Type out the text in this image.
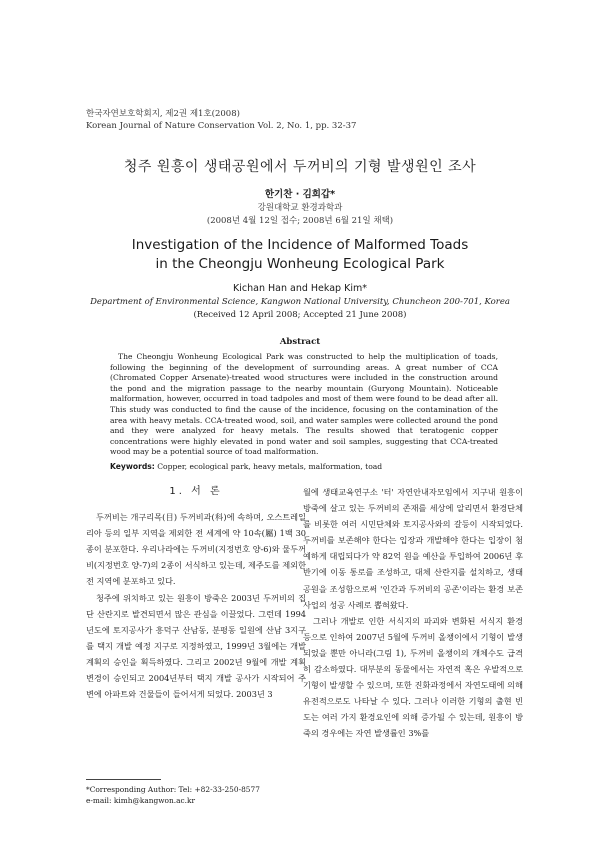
한국자연보호학회지, 제2권 제1호(2008)
Korean Journal of Nature Conservation Vol. 2, No. 1, pp. 32-37
청주 원흥이 생태공원에서 두꺼비의 기형 발생원인 조사
한기찬 · 김희갑*
강원대학교 환경과학과
(2008년 4월 12일 접수; 2008년 6월 21일 채택)
Investigation of the Incidence of Malformed Toads
in the Cheongju Wonheung Ecological Park
Kichan Han and Hekap Kim*
Department of Environmental Science, Kangwon National University, Chuncheon 200-701, Korea
(Received 12 April 2008; Accepted 21 June 2008)
Abstract
The Cheongju Wonheung Ecological Park was constructed to help the multiplication of toads, following the beginning of the development of surrounding areas. A great number of CCA (Chromated Copper Arsenate)-treated wood structures were included in the construction around the pond and the migration passage to the nearby mountain (Guryong Mountain). Noticeable malformation, however, occurred in toad tadpoles and most of them were found to be dead after all. This study was conducted to find the cause of the incidence, focusing on the contamination of the area with heavy metals. CCA-treated wood, soil, and water samples were collected around the pond and they were analyzed for heavy metals. The results showed that teratogenic copper concentrations were highly elevated in pond water and soil samples, suggesting that CCA-treated wood may be a potential source of toad malformation.
Keywords: Copper, ecological park, heavy metals, malformation, toad
1. 서 론

두꺼비는 개구리목(目) 두꺼비과(科)에 속하며, 오스트레일리아 등의 일부 지역을 제외한 전 세계에 약 10속(屬) 1백 30종이 분포한다. 우리나라에는 두꺼비(지정번호 양-6)와 물두꺼비(지정번호 양-7)의 2종이 서식하고 있는데, 제주도를 제외한 전 지역에 분포하고 있다.

청주에 위치하고 있는 원흥이 방죽은 2003년 두꺼비의 집단 산란지로 발견되면서 많은 관심을 이끌었다. 그런데 1994년도에 토지공사가 흥덕구 산남동, 분평동 일원에 산남 3지구를 택지 개발 예정 지구로 지정하였고, 1999년 3월에는 개발 계획의 승인을 획득하였다. 그리고 2002년 9월에 개발 계획 변경이 승인되고 2004년부터 택지 개발 공사가 시작되어 주변에 아파트와 건물들이 들어서게 되었다. 2003년 3

월에 생태교육연구소 '터' 자연안내자모임에서 지구내 원흥이 방죽에 살고 있는 두꺼비의 존재를 세상에 알리면서 환경단체를 비롯한 여러 시민단체와 토지공사와의 갈등이 시작되었다. 두꺼비를 보존해야 한다는 입장과 개발해야 한다는 입장이 첨예하게 대립되다가 약 82억 원을 예산을 투입하여 2006년 후반기에 이동 통로를 조성하고, 대체 산란지를 설치하고, 생태공원을 조성함으로써 '인간과 두꺼비의 공존'이라는 환경 보존 사업의 성공 사례로 뽑혀왔다.

그러나 개발로 인한 서식지의 파괴와 변화된 서식지 환경 등으로 인하여 2007년 5월에 두꺼비 올챙이에서 기형이 발생되었을 뿐만 아니라(그림 1), 두꺼비 올챙이의 개체수도 급격히 감소하였다. 대부분의 동물에서는 자연적 혹은 우발적으로 기형이 발생할 수 있으며, 또한 진화과정에서 자연도태에 의해 유전적으로도 나타날 수 있다. 그러나 이러한 기형의 출현 빈도는 여러 가지 환경요인에 의해 증가될 수 있는데, 원흥이 방죽의 경우에는 자연 발생률인 3%를

*Corresponding Author: Tel: +82-33-250-8577
e-mail: kimh@kangwon.ac.kr
